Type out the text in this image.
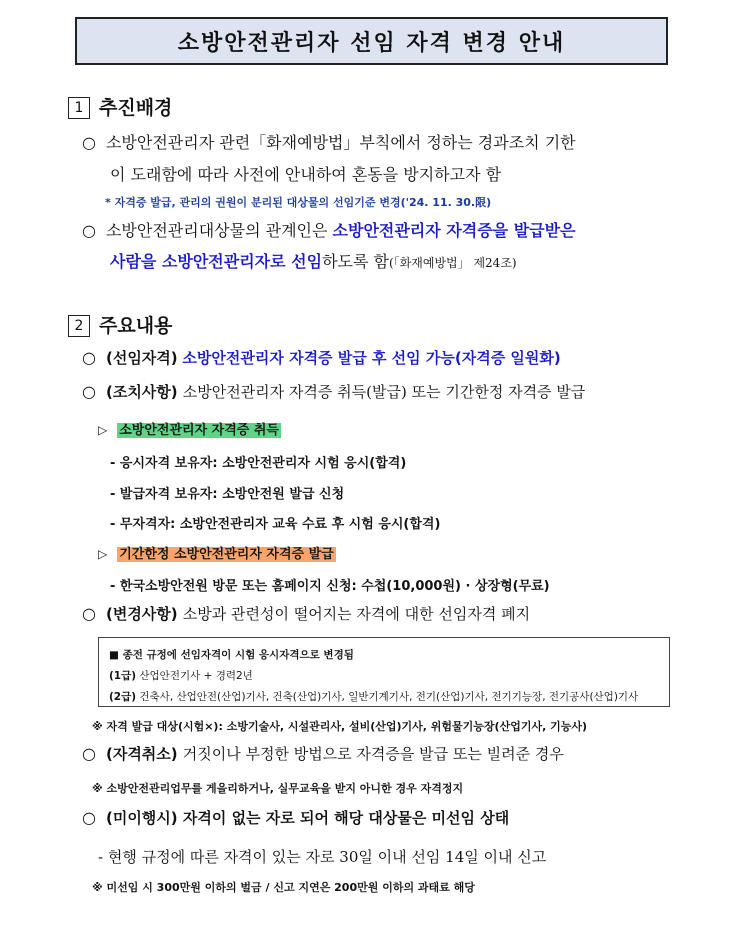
소방안전관리자 선임 자격 변경 안내
1 추진배경
○ 소방안전관리자 관련「화재예방법」부칙에서 정하는 경과조치 기한
이 도래함에 따라 사전에 안내하여 혼동을 방지하고자 함
* 자격증 발급, 관리의 권원이 분리된 대상물의 선임기준 변경('24. 11. 30.限)
○ 소방안전관리대상물의 관계인은 소방안전관리자 자격증을 발급받은
사람을 소방안전관리자로 선임하도록 함(「화재예방법」 제24조)
2 주요내용
○ (선임자격) 소방안전관리자 자격증 발급 후 선임 가능(자격증 일원화)
○ (조치사항) 소방안전관리자 자격증 취득(발급) 또는 기간한정 자격증 발급
▷ 소방안전관리자 자격증 취득
- 응시자격 보유자: 소방안전관리자 시험 응시(합격)
- 발급자격 보유자: 소방안전원 발급 신청
- 무자격자: 소방안전관리자 교육 수료 후 시험 응시(합격)
▷ 기간한정 소방안전관리자 자격증 발급
- 한국소방안전원 방문 또는 홈페이지 신청: 수첩(10,000원) · 상장형(무료)
○ (변경사항) 소방과 관련성이 떨어지는 자격에 대한 선임자격 폐지
■ 종전 규정에 선임자격이 시험 응시자격으로 변경됨
(1급) 산업안전기사 + 경력2년
(2급) 건축사, 산업안전(산업)기사, 건축(산업)기사, 일반기계기사, 전기(산업)기사, 전기기능장, 전기공사(산업)기사
※ 자격 발급 대상(시험×): 소방기술사, 시설관리사, 설비(산업)기사, 위험물기능장(산업기사, 기능사)
○ (자격취소) 거짓이나 부정한 방법으로 자격증을 발급 또는 빌려준 경우
※ 소방안전관리업무를 게을리하거나, 실무교육을 받지 아니한 경우 자격정지
○ (미이행시) 자격이 없는 자로 되어 해당 대상물은 미선임 상태
- 현행 규정에 따른 자격이 있는 자로 30일 이내 선임 14일 이내 신고
※ 미선임 시 300만원 이하의 벌금 / 신고 지연은 200만원 이하의 과태료 해당
